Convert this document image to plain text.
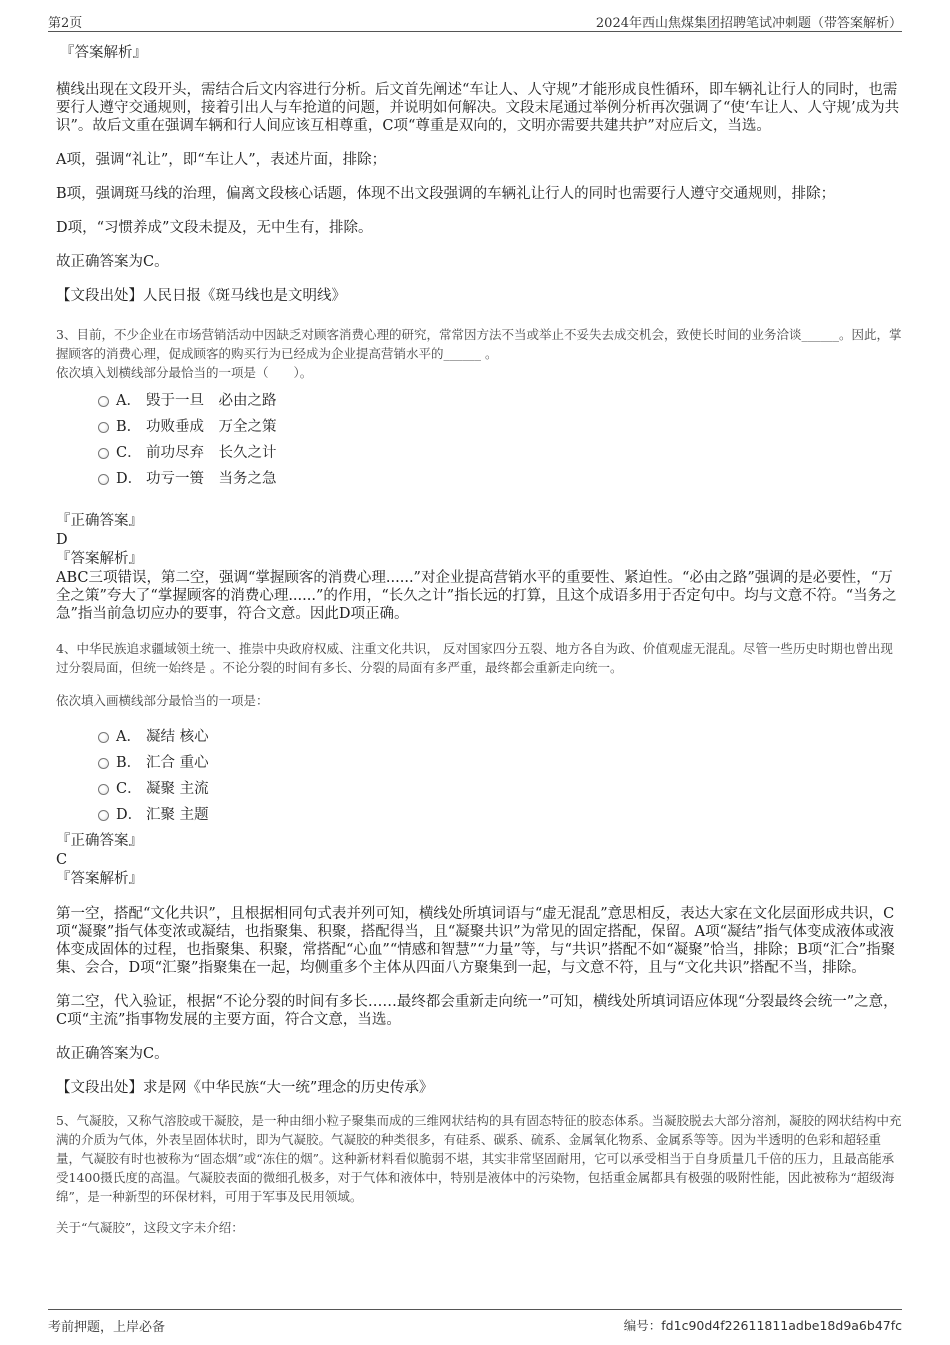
第2页	2024年西山焦煤集团招聘笔试冲刺题（带答案解析）
『答案解析』
横线出现在文段开头，需结合后文内容进行分析。后文首先阐述“车让人、人守规”才能形成良性循环，即车辆礼让行人的同时，也需要行人遵守交通规则，接着引出人与车抢道的问题，并说明如何解决。文段末尾通过举例分析再次强调了“使‘车让人、人守规’成为共识”。故后文重在强调车辆和行人间应该互相尊重，C项“尊重是双向的，文明亦需要共建共护”对应后文，当选。
A项，强调“礼让”，即“车让人”，表述片面，排除；
B项，强调斑马线的治理，偏离文段核心话题，体现不出文段强调的车辆礼让行人的同时也需要行人遵守交通规则，排除；
D项，“习惯养成”文段未提及，无中生有，排除。
故正确答案为C。
【文段出处】人民日报《斑马线也是文明线》
3、目前，不少企业在市场营销活动中因缺乏对顾客消费心理的研究，常常因方法不当或举止不妥失去成交机会，致使长时间的业务洽谈______。因此，掌握顾客的消费心理，促成顾客的购买行为已经成为企业提高营销水平的______ 。
依次填入划横线部分最恰当的一项是（　　）。
A． 毁于一旦　必由之路
B． 功败垂成　万全之策
C． 前功尽弃　长久之计
D． 功亏一篑　当务之急
『正确答案』
D
『答案解析』
ABC三项错误，第二空，强调“掌握顾客的消费心理......”对企业提高营销水平的重要性、紧迫性。“必由之路”强调的是必要性，“万全之策”夸大了“掌握顾客的消费心理......”的作用，“长久之计”指长远的打算，且这个成语多用于否定句中。均与文意不符。“当务之急”指当前急切应办的要事，符合文意。因此D项正确。
4、中华民族追求疆域领土统一、推崇中央政府权威、注重文化共识， 反对国家四分五裂、地方各自为政、价值观虚无混乱。尽管一些历史时期也曾出现过分裂局面，但统一始终是 。不论分裂的时间有多长、分裂的局面有多严重，最终都会重新走向统一。
依次填入画横线部分最恰当的一项是：
A． 凝结 核心
B． 汇合 重心
C． 凝聚 主流
D． 汇聚 主题
『正确答案』
C
『答案解析』
第一空，搭配“文化共识”，且根据相同句式表并列可知，横线处所填词语与“虚无混乱”意思相反，表达大家在文化层面形成共识，C项“凝聚”指气体变浓或凝结，也指聚集、积聚，搭配得当，且“凝聚共识”为常见的固定搭配，保留。A项“凝结”指气体变成液体或液体变成固体的过程，也指聚集、积聚，常搭配“心血”“情感和智慧”“力量”等，与“共识”搭配不如“凝聚”恰当，排除；B项“汇合”指聚集、会合，D项“汇聚”指聚集在一起，均侧重多个主体从四面八方聚集到一起，与文意不符，且与“文化共识”搭配不当，排除。
第二空，代入验证，根据“不论分裂的时间有多长……最终都会重新走向统一”可知，横线处所填词语应体现“分裂最终会统一”之意，C项“主流”指事物发展的主要方面，符合文意，当选。
故正确答案为C。
【文段出处】求是网《中华民族“大一统”理念的历史传承》
5、气凝胶，又称气溶胶或干凝胶，是一种由细小粒子聚集而成的三维网状结构的具有固态特征的胶态体系。当凝胶脱去大部分溶剂，凝胶的网状结构中充满的介质为气体，外表呈固体状时，即为气凝胶。气凝胶的种类很多，有硅系、碳系、硫系、金属氧化物系、金属系等等。因为半透明的色彩和超轻重量，气凝胶有时也被称为“固态烟”或“冻住的烟”。这种新材料看似脆弱不堪，其实非常坚固耐用，它可以承受相当于自身质量几千倍的压力，且最高能承受1400摄氏度的高温。气凝胶表面的微细孔极多，对于气体和液体中，特别是液体中的污染物，包括重金属都具有极强的吸附性能，因此被称为“超级海绵”，是一种新型的环保材料，可用于军事及民用领域。
关于“气凝胶”，这段文字未介绍：
考前押题，上岸必备	编号：fd1c90d4f22611811adbe18d9a6b47fc
